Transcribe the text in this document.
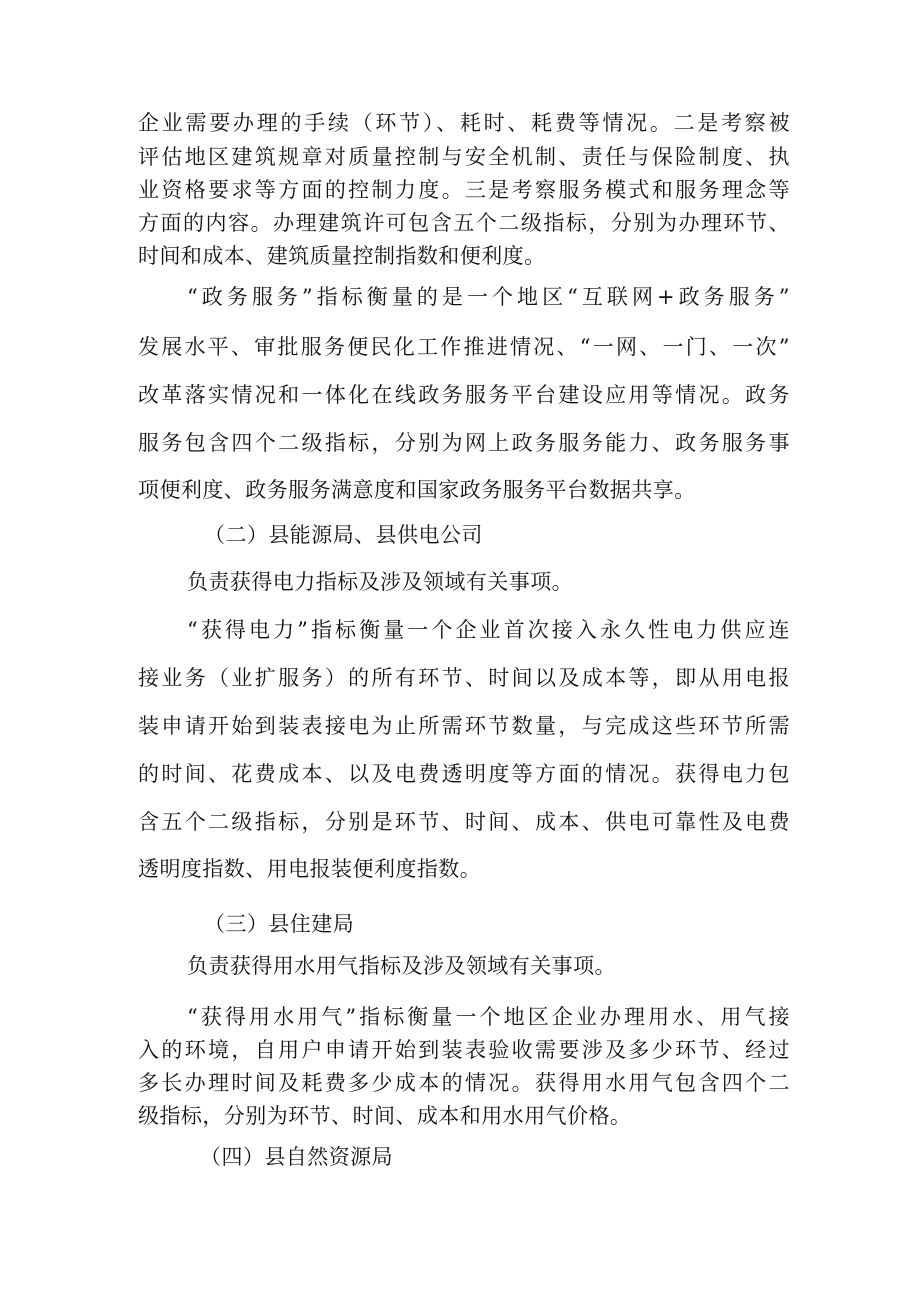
企业需要办理的手续（环节）、耗时、耗费等情况。二是考察被
评估地区建筑规章对质量控制与安全机制、责任与保险制度、执
业资格要求等方面的控制力度。三是考察服务模式和服务理念等
方面的内容。办理建筑许可包含五个二级指标，分别为办理环节、
时间和成本、建筑质量控制指数和便利度。
“政务服务”指标衡量的是一个地区“互联网+政务服务”
发展水平、审批服务便民化工作推进情况、“一网、一门、一次”
改革落实情况和一体化在线政务服务平台建设应用等情况。政务
服务包含四个二级指标，分别为网上政务服务能力、政务服务事
项便利度、政务服务满意度和国家政务服务平台数据共享。
（二）县能源局、县供电公司
负责获得电力指标及涉及领域有关事项。
“获得电力”指标衡量一个企业首次接入永久性电力供应连
接业务（业扩服务）的所有环节、时间以及成本等，即从用电报
装申请开始到装表接电为止所需环节数量，与完成这些环节所需
的时间、花费成本、以及电费透明度等方面的情况。获得电力包
含五个二级指标，分别是环节、时间、成本、供电可靠性及电费
透明度指数、用电报装便利度指数。
（三）县住建局
负责获得用水用气指标及涉及领域有关事项。
“获得用水用气”指标衡量一个地区企业办理用水、用气接
入的环境，自用户申请开始到装表验收需要涉及多少环节、经过
多长办理时间及耗费多少成本的情况。获得用水用气包含四个二
级指标，分别为环节、时间、成本和用水用气价格。
（四）县自然资源局
